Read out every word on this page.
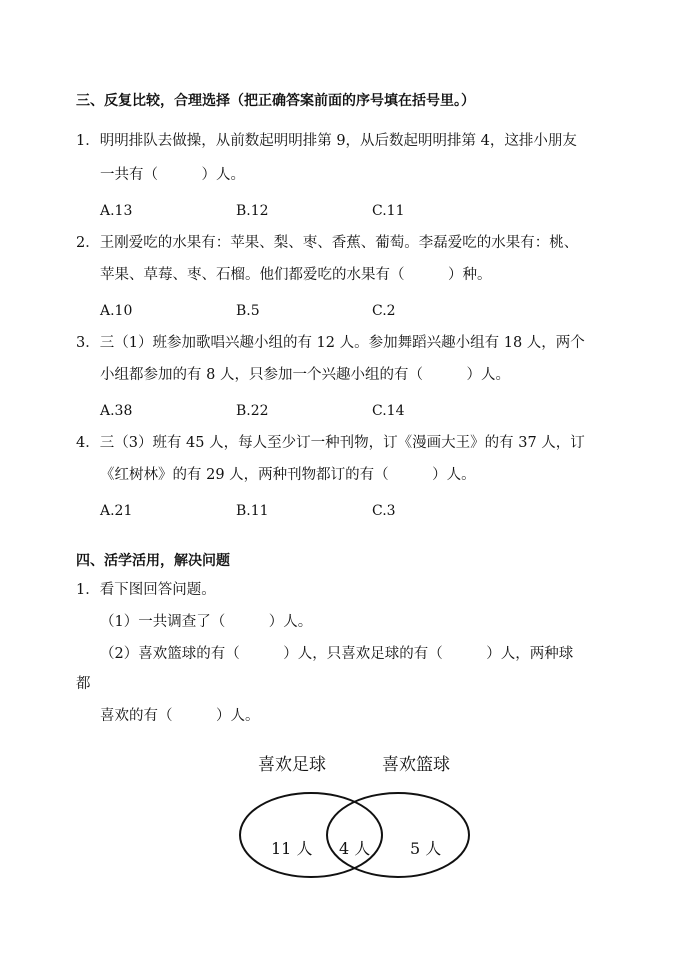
三、反复比较，合理选择（把正确答案前面的序号填在括号里。）
1．明明排队去做操，从前数起明明排第 9，从后数起明明排第 4，这排小朋友
一共有（　　　）人。
A.13	B.12	C.11
2．王刚爱吃的水果有：苹果、梨、枣、香蕉、葡萄。李磊爱吃的水果有：桃、
苹果、草莓、枣、石榴。他们都爱吃的水果有（　　　）种。
A.10	B.5	C.2
3．三（1）班参加歌唱兴趣小组的有 12 人。参加舞蹈兴趣小组有 18 人，两个
小组都参加的有 8 人，只参加一个兴趣小组的有（　　　）人。
A.38	B.22	C.14
4．三（3）班有 45 人，每人至少订一种刊物，订《漫画大王》的有 37 人，订
《红树林》的有 29 人，两种刊物都订的有（　　　）人。
A.21	B.11	C.3
四、活学活用，解决问题
1．看下图回答问题。
（1）一共调查了（　　　）人。
（2）喜欢篮球的有（　　　）人，只喜欢足球的有（　　　）人，两种球
都
喜欢的有（　　　）人。
喜欢足球	喜欢篮球
11 人 4 人 5 人
